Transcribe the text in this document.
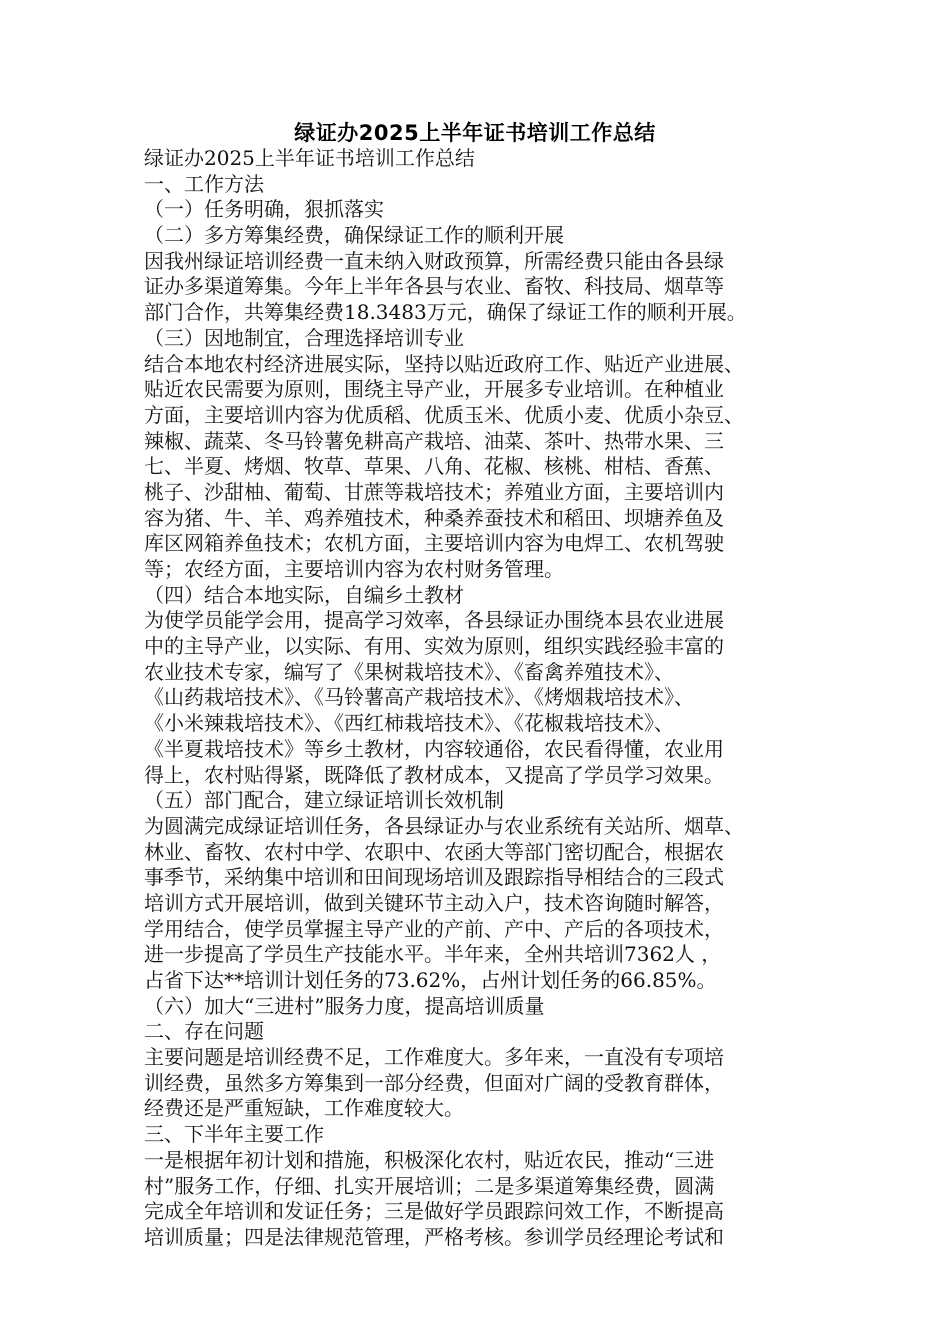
绿证办2025上半年证书培训工作总结
绿证办2025上半年证书培训工作总结
一、工作方法
（一）任务明确，狠抓落实
（二）多方筹集经费，确保绿证工作的顺利开展
因我州绿证培训经费一直未纳入财政预算，所需经费只能由各县绿
证办多渠道筹集。今年上半年各县与农业、畜牧、科技局、烟草等
部门合作，共筹集经费18.3483万元，确保了绿证工作的顺利开展。
（三）因地制宜，合理选择培训专业
结合本地农村经济进展实际，坚持以贴近政府工作、贴近产业进展、
贴近农民需要为原则，围绕主导产业，开展多专业培训。在种植业
方面，主要培训内容为优质稻、优质玉米、优质小麦、优质小杂豆、
辣椒、蔬菜、冬马铃薯免耕高产栽培、油菜、茶叶、热带水果、三
七、半夏、烤烟、牧草、草果、八角、花椒、核桃、柑桔、香蕉、
桃子、沙甜柚、葡萄、甘蔗等栽培技术；养殖业方面，主要培训内
容为猪、牛、羊、鸡养殖技术，种桑养蚕技术和稻田、坝塘养鱼及
库区网箱养鱼技术；农机方面，主要培训内容为电焊工、农机驾驶
等；农经方面，主要培训内容为农村财务管理。
（四）结合本地实际，自编乡土教材
为使学员能学会用，提高学习效率，各县绿证办围绕本县农业进展
中的主导产业，以实际、有用、实效为原则，组织实践经验丰富的
农业技术专家，编写了《果树栽培技术》、《畜禽养殖技术》、
《山药栽培技术》、《马铃薯高产栽培技术》、《烤烟栽培技术》、
《小米辣栽培技术》、《西红柿栽培技术》、《花椒栽培技术》、
《半夏栽培技术》等乡土教材，内容较通俗，农民看得懂，农业用
得上，农村贴得紧，既降低了教材成本，又提高了学员学习效果。
（五）部门配合，建立绿证培训长效机制
为圆满完成绿证培训任务，各县绿证办与农业系统有关站所、烟草、
林业、畜牧、农村中学、农职中、农函大等部门密切配合，根据农
事季节，采纳集中培训和田间现场培训及跟踪指导相结合的三段式
培训方式开展培训，做到关键环节主动入户，技术咨询随时解答，
学用结合，使学员掌握主导产业的产前、产中、产后的各项技术，
进一步提高了学员生产技能水平。半年来，全州共培训7362人 ，
占省下达**培训计划任务的73.62%，占州计划任务的66.85%。
（六）加大“三进村”服务力度，提高培训质量
二、存在问题
主要问题是培训经费不足，工作难度大。多年来，一直没有专项培
训经费，虽然多方筹集到一部分经费，但面对广阔的受教育群体，
经费还是严重短缺，工作难度较大。
三、下半年主要工作
一是根据年初计划和措施，积极深化农村，贴近农民，推动“三进
村”服务工作，仔细、扎实开展培训；二是多渠道筹集经费，圆满
完成全年培训和发证任务；三是做好学员跟踪问效工作，不断提高
培训质量；四是法律规范管理，严格考核。参训学员经理论考试和
